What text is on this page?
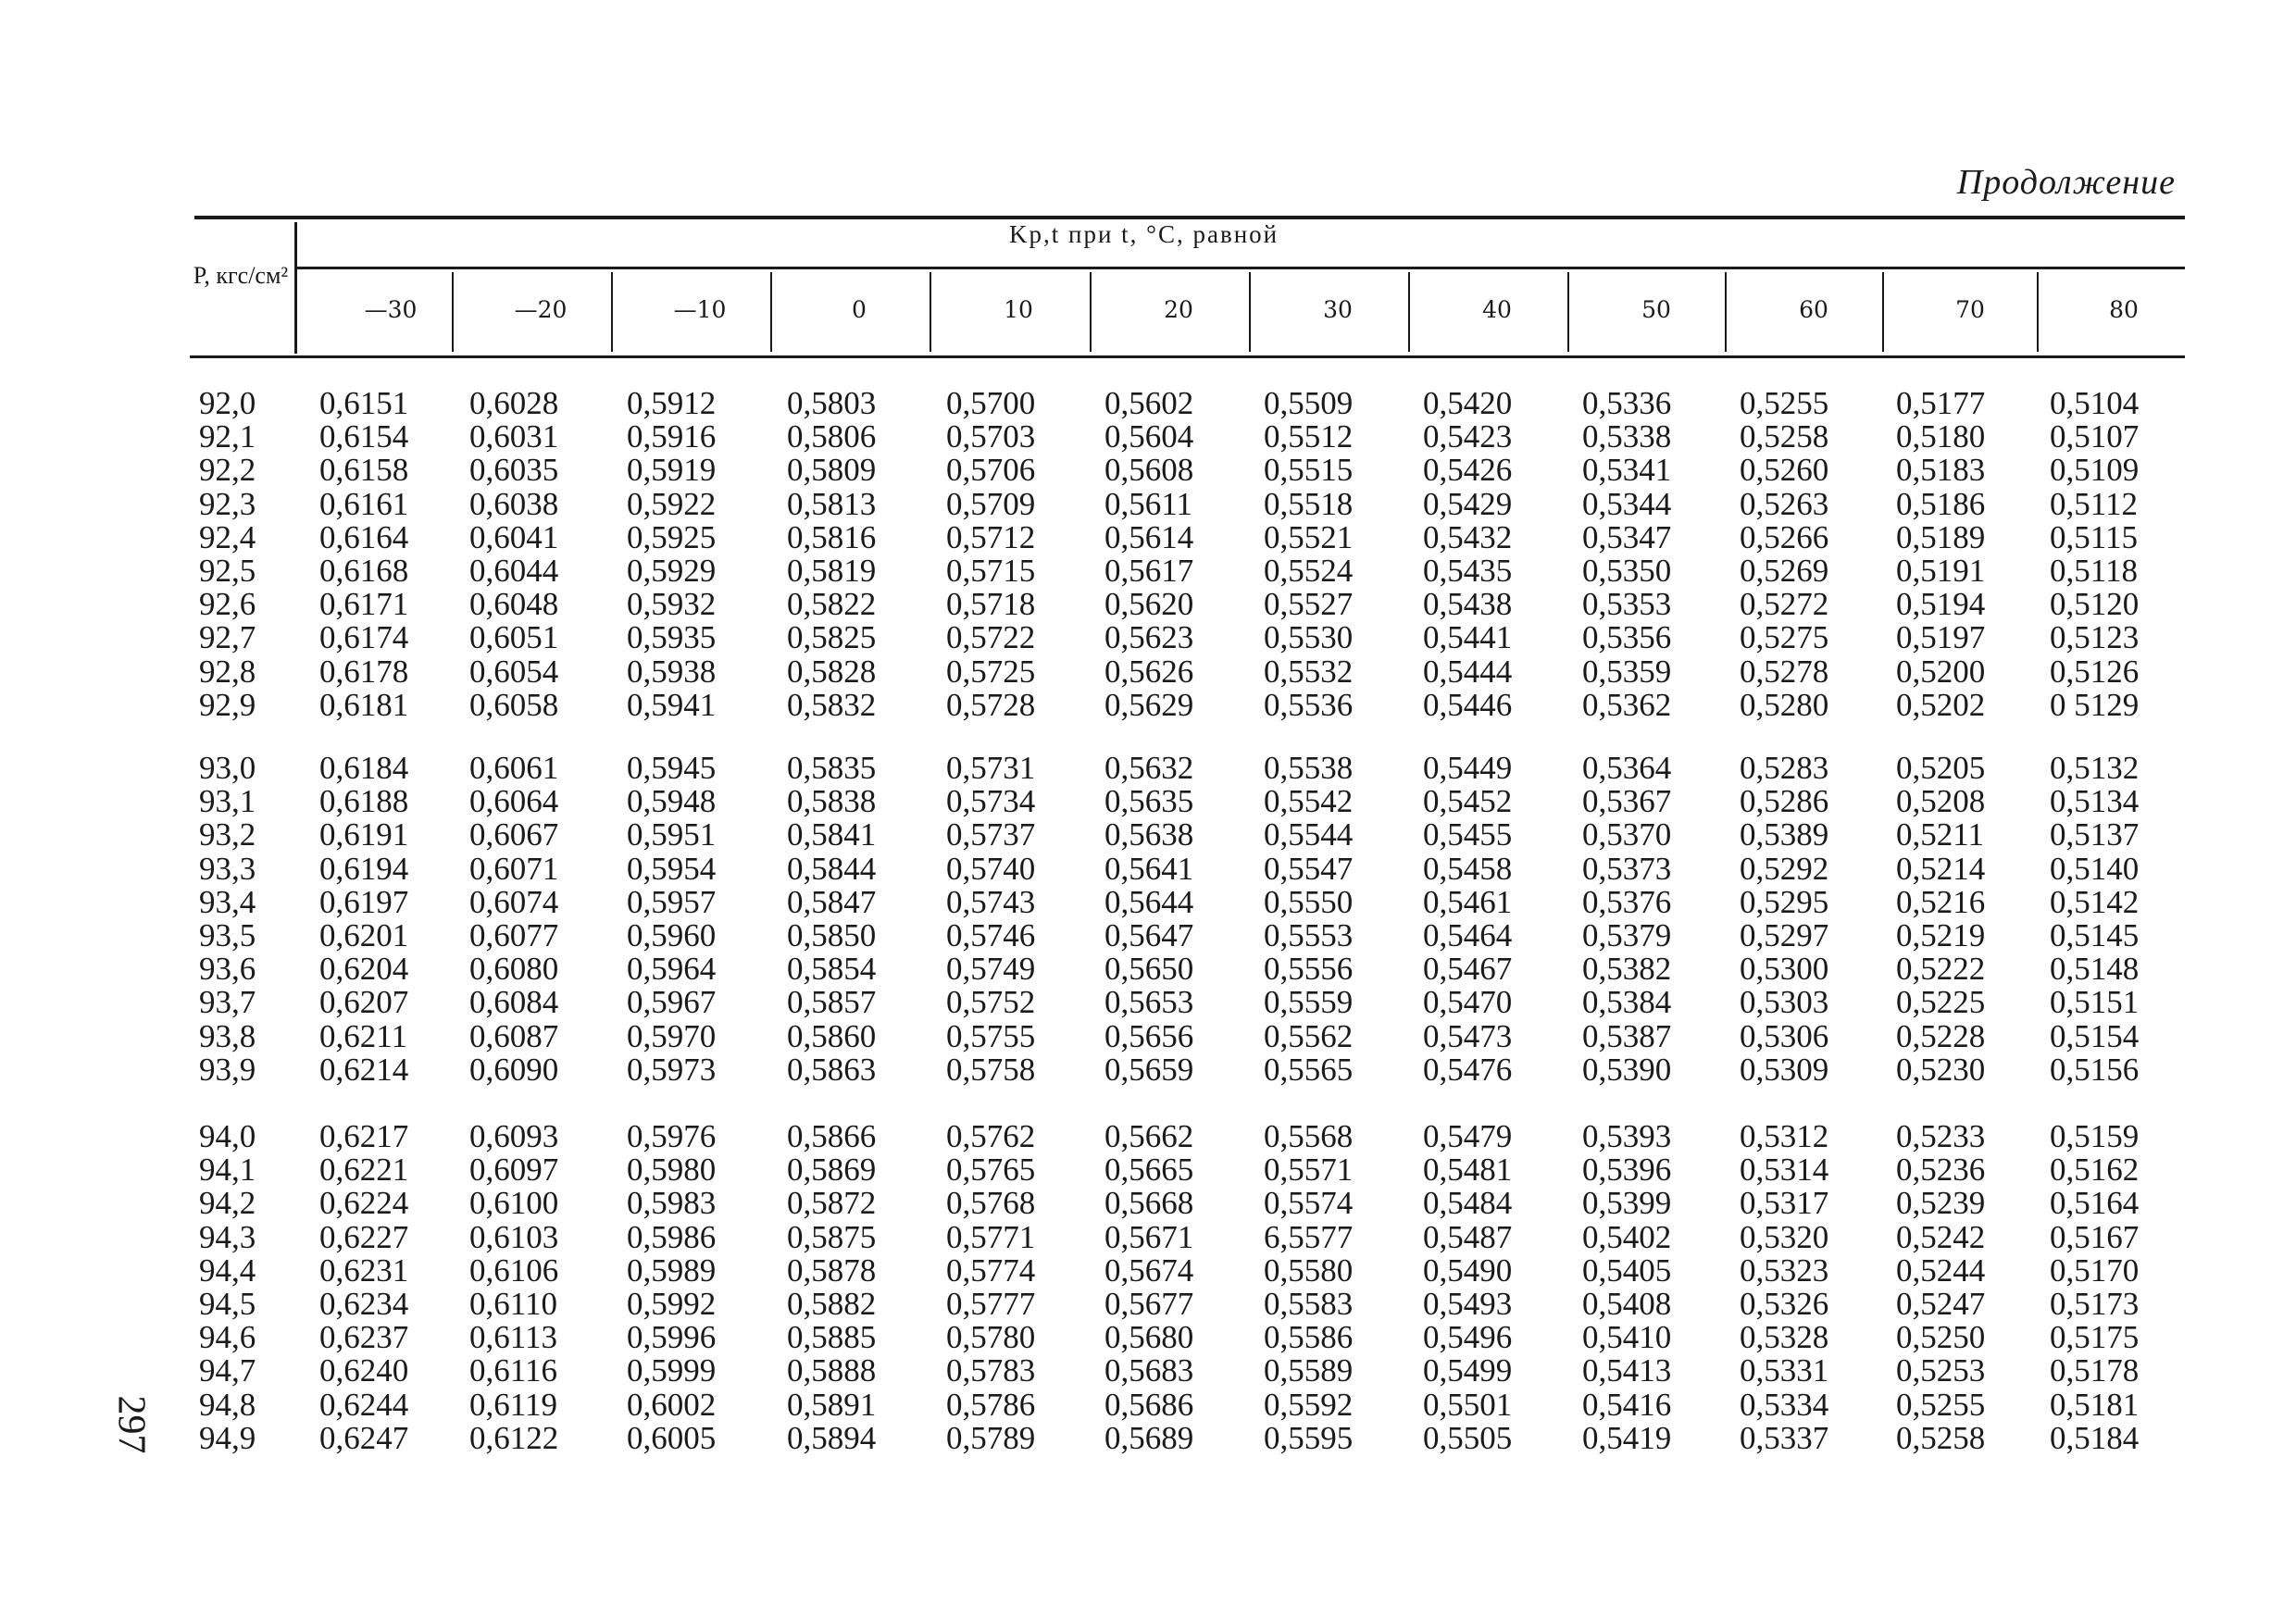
Продолжение
P, кгс/см²
Kp,t при t, °C, равной
—30	—20	—10	0	10	20	30	40	50	60	70	80
92,0 0,6151 0,6028 0,5912 0,5803 0,5700 0,5602 0,5509 0,5420 0,5336 0,5255 0,5177 0,5104
92,1 0,6154 0,6031 0,5916 0,5806 0,5703 0,5604 0,5512 0,5423 0,5338 0,5258 0,5180 0,5107
92,2 0,6158 0,6035 0,5919 0,5809 0,5706 0,5608 0,5515 0,5426 0,5341 0,5260 0,5183 0,5109
92,3 0,6161 0,6038 0,5922 0,5813 0,5709 0,5611 0,5518 0,5429 0,5344 0,5263 0,5186 0,5112
92,4 0,6164 0,6041 0,5925 0,5816 0,5712 0,5614 0,5521 0,5432 0,5347 0,5266 0,5189 0,5115
92,5 0,6168 0,6044 0,5929 0,5819 0,5715 0,5617 0,5524 0,5435 0,5350 0,5269 0,5191 0,5118
92,6 0,6171 0,6048 0,5932 0,5822 0,5718 0,5620 0,5527 0,5438 0,5353 0,5272 0,5194 0,5120
92,7 0,6174 0,6051 0,5935 0,5825 0,5722 0,5623 0,5530 0,5441 0,5356 0,5275 0,5197 0,5123
92,8 0,6178 0,6054 0,5938 0,5828 0,5725 0,5626 0,5532 0,5444 0,5359 0,5278 0,5200 0,5126
92,9 0,6181 0,6058 0,5941 0,5832 0,5728 0,5629 0,5536 0,5446 0,5362 0,5280 0,5202 0 5129
93,0 0,6184 0,6061 0,5945 0,5835 0,5731 0,5632 0,5538 0,5449 0,5364 0,5283 0,5205 0,5132
93,1 0,6188 0,6064 0,5948 0,5838 0,5734 0,5635 0,5542 0,5452 0,5367 0,5286 0,5208 0,5134
93,2 0,6191 0,6067 0,5951 0,5841 0,5737 0,5638 0,5544 0,5455 0,5370 0,5389 0,5211 0,5137
93,3 0,6194 0,6071 0,5954 0,5844 0,5740 0,5641 0,5547 0,5458 0,5373 0,5292 0,5214 0,5140
93,4 0,6197 0,6074 0,5957 0,5847 0,5743 0,5644 0,5550 0,5461 0,5376 0,5295 0,5216 0,5142
93,5 0,6201 0,6077 0,5960 0,5850 0,5746 0,5647 0,5553 0,5464 0,5379 0,5297 0,5219 0,5145
93,6 0,6204 0,6080 0,5964 0,5854 0,5749 0,5650 0,5556 0,5467 0,5382 0,5300 0,5222 0,5148
93,7 0,6207 0,6084 0,5967 0,5857 0,5752 0,5653 0,5559 0,5470 0,5384 0,5303 0,5225 0,5151
93,8 0,6211 0,6087 0,5970 0,5860 0,5755 0,5656 0,5562 0,5473 0,5387 0,5306 0,5228 0,5154
93,9 0,6214 0,6090 0,5973 0,5863 0,5758 0,5659 0,5565 0,5476 0,5390 0,5309 0,5230 0,5156
94,0 0,6217 0,6093 0,5976 0,5866 0,5762 0,5662 0,5568 0,5479 0,5393 0,5312 0,5233 0,5159
94,1 0,6221 0,6097 0,5980 0,5869 0,5765 0,5665 0,5571 0,5481 0,5396 0,5314 0,5236 0,5162
94,2 0,6224 0,6100 0,5983 0,5872 0,5768 0,5668 0,5574 0,5484 0,5399 0,5317 0,5239 0,5164
94,3 0,6227 0,6103 0,5986 0,5875 0,5771 0,5671 6,5577 0,5487 0,5402 0,5320 0,5242 0,5167
94,4 0,6231 0,6106 0,5989 0,5878 0,5774 0,5674 0,5580 0,5490 0,5405 0,5323 0,5244 0,5170
94,5 0,6234 0,6110 0,5992 0,5882 0,5777 0,5677 0,5583 0,5493 0,5408 0,5326 0,5247 0,5173
94,6 0,6237 0,6113 0,5996 0,5885 0,5780 0,5680 0,5586 0,5496 0,5410 0,5328 0,5250 0,5175
94,7 0,6240 0,6116 0,5999 0,5888 0,5783 0,5683 0,5589 0,5499 0,5413 0,5331 0,5253 0,5178
94,8 0,6244 0,6119 0,6002 0,5891 0,5786 0,5686 0,5592 0,5501 0,5416 0,5334 0,5255 0,5181
94,9 0,6247 0,6122 0,6005 0,5894 0,5789 0,5689 0,5595 0,5505 0,5419 0,5337 0,5258 0,5184
297
